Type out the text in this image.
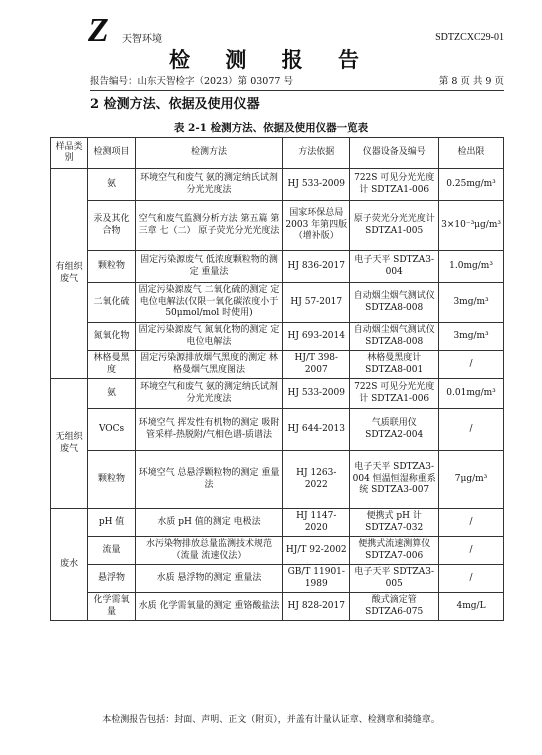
Z 天智环境	SDTZCXC29-01
检 测 报 告
报告编号：山东天智检字（2023）第 03077 号	第 8 页 共 9 页
2 检测方法、依据及使用仪器
表 2-1 检测方法、依据及使用仪器一览表
样品类别	检测项目	检测方法	方法依据	仪器设备及编号	检出限
有组织废气	氨	环境空气和废气 氨的测定纳氏试剂分光光度法	HJ 533-2009	722S 可见分光光度计 SDTZA1-006	0.25mg/m³
	汞及其化合物	空气和废气监测分析方法 第五篇 第三章 七（二） 原子荧光分光光度法	国家环保总局 2003 年第四版（增补版）	原子荧光分光光度计 SDTZA1-005	3×10⁻³μg/m³
	颗粒物	固定污染源废气 低浓度颗粒物的测定 重量法	HJ 836-2017	电子天平 SDTZA3-004	1.0mg/m³
	二氧化硫	固定污染源废气 二氧化硫的测定 定电位电解法(仅限一氧化碳浓度小于 50μmol/mol 时使用)	HJ 57-2017	自动烟尘烟气测试仪 SDTZA8-008	3mg/m³
	氮氧化物	固定污染源废气 氮氧化物的测定 定电位电解法	HJ 693-2014	自动烟尘烟气测试仪 SDTZA8-008	3mg/m³
	林格曼黑度	固定污染源排放烟气黑度的测定 林格曼烟气黑度图法	HJ/T 398-2007	林格曼黑度计 SDTZA8-001	/
无组织废气	氨	环境空气和废气 氨的测定纳氏试剂分光光度法	HJ 533-2009	722S 可见分光光度计 SDTZA1-006	0.01mg/m³
	VOCs	环境空气 挥发性有机物的测定 吸附管采样-热脱附/气相色谱-质谱法	HJ 644-2013	气质联用仪 SDTZA2-004	/
	颗粒物	环境空气 总悬浮颗粒物的测定 重量法	HJ 1263-2022	电子天平 SDTZA3-004 恒温恒湿称重系统 SDTZA3-007	7μg/m³
废水	pH 值	水质 pH 值的测定 电极法	HJ 1147-2020	便携式 pH 计 SDTZA7-032	/
	流量	水污染物排放总量监测技术规范（流量 流速仪法）	HJ/T 92-2002	便携式流速测算仪 SDTZA7-006	/
	悬浮物	水质 悬浮物的测定 重量法	GB/T 11901-1989	电子天平 SDTZA3-005	/
	化学需氧量	水质 化学需氧量的测定 重铬酸盐法	HJ 828-2017	酸式滴定管 SDTZA6-075	4mg/L
本检测报告包括：封面、声明、正文（附页），并盖有计量认证章、检测章和骑缝章。
